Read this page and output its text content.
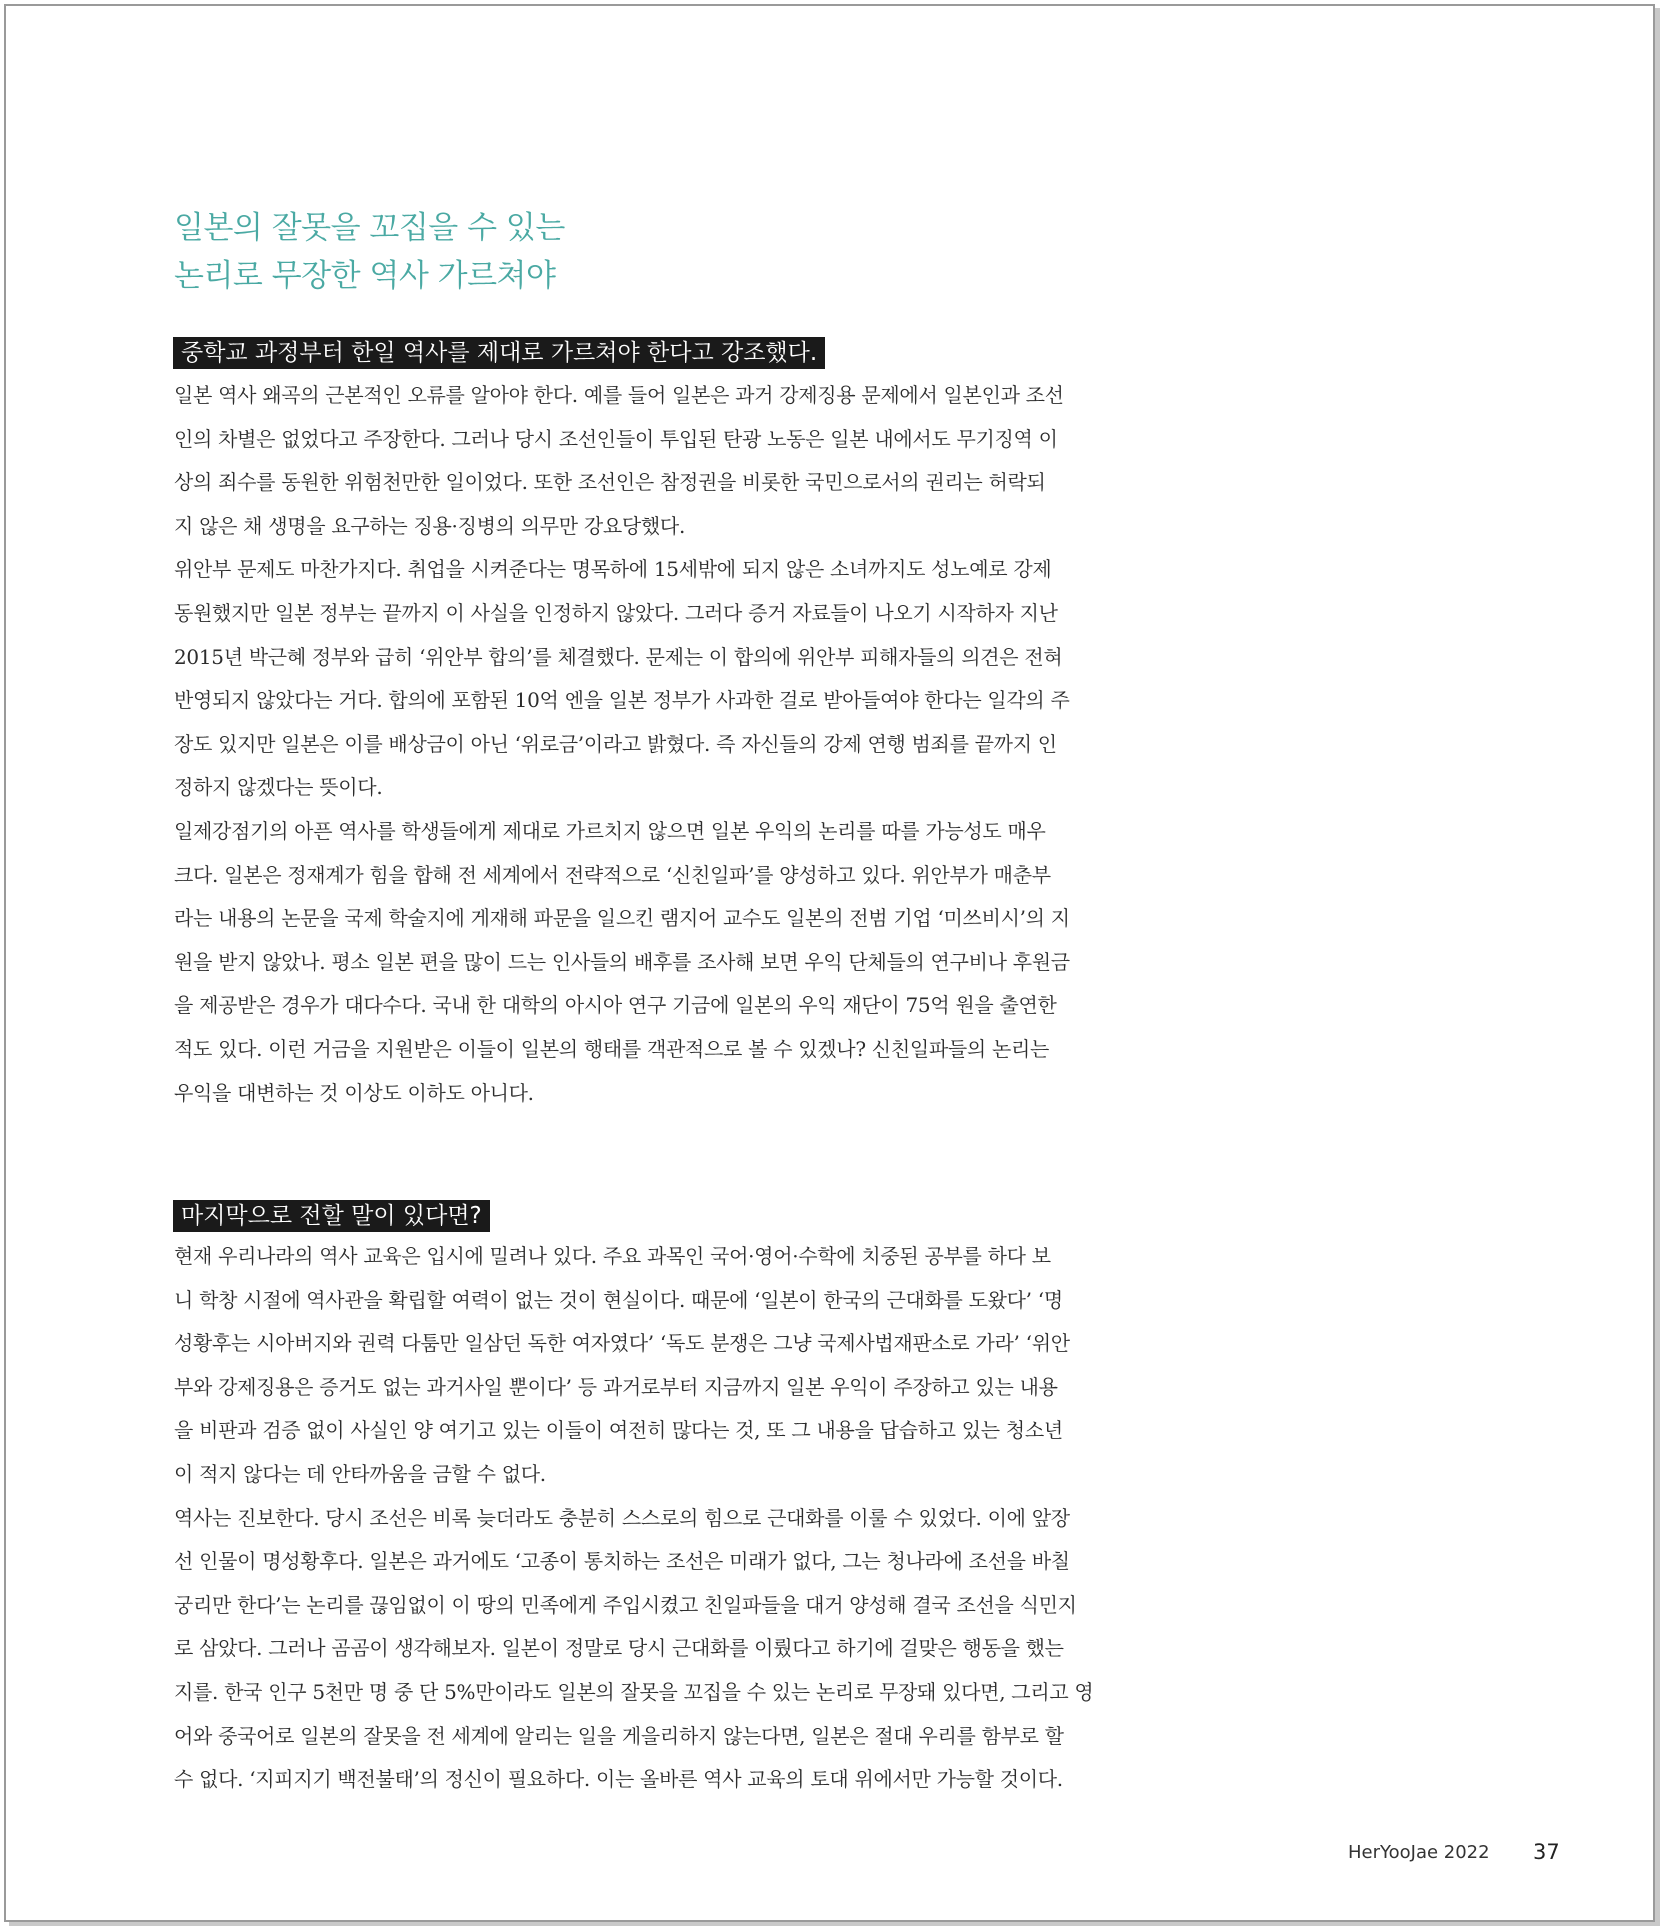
일본의 잘못을 꼬집을 수 있는
논리로 무장한 역사 가르쳐야
중학교 과정부터 한일 역사를 제대로 가르쳐야 한다고 강조했다.
일본 역사 왜곡의 근본적인 오류를 알아야 한다. 예를 들어 일본은 과거 강제징용 문제에서 일본인과 조선
인의 차별은 없었다고 주장한다. 그러나 당시 조선인들이 투입된 탄광 노동은 일본 내에서도 무기징역 이
상의 죄수를 동원한 위험천만한 일이었다. 또한 조선인은 참정권을 비롯한 국민으로서의 권리는 허락되
지 않은 채 생명을 요구하는 징용·징병의 의무만 강요당했다.
위안부 문제도 마찬가지다. 취업을 시켜준다는 명목하에 15세밖에 되지 않은 소녀까지도 성노예로 강제
동원했지만 일본 정부는 끝까지 이 사실을 인정하지 않았다. 그러다 증거 자료들이 나오기 시작하자 지난
2015년 박근혜 정부와 급히 ‘위안부 합의’를 체결했다. 문제는 이 합의에 위안부 피해자들의 의견은 전혀
반영되지 않았다는 거다. 합의에 포함된 10억 엔을 일본 정부가 사과한 걸로 받아들여야 한다는 일각의 주
장도 있지만 일본은 이를 배상금이 아닌 ‘위로금’이라고 밝혔다. 즉 자신들의 강제 연행 범죄를 끝까지 인
정하지 않겠다는 뜻이다.
일제강점기의 아픈 역사를 학생들에게 제대로 가르치지 않으면 일본 우익의 논리를 따를 가능성도 매우
크다. 일본은 정재계가 힘을 합해 전 세계에서 전략적으로 ‘신친일파’를 양성하고 있다. 위안부가 매춘부
라는 내용의 논문을 국제 학술지에 게재해 파문을 일으킨 램지어 교수도 일본의 전범 기업 ‘미쓰비시’의 지
원을 받지 않았나. 평소 일본 편을 많이 드는 인사들의 배후를 조사해 보면 우익 단체들의 연구비나 후원금
을 제공받은 경우가 대다수다. 국내 한 대학의 아시아 연구 기금에 일본의 우익 재단이 75억 원을 출연한
적도 있다. 이런 거금을 지원받은 이들이 일본의 행태를 객관적으로 볼 수 있겠나? 신친일파들의 논리는
우익을 대변하는 것 이상도 이하도 아니다.
마지막으로 전할 말이 있다면?
현재 우리나라의 역사 교육은 입시에 밀려나 있다. 주요 과목인 국어·영어·수학에 치중된 공부를 하다 보
니 학창 시절에 역사관을 확립할 여력이 없는 것이 현실이다. 때문에 ‘일본이 한국의 근대화를 도왔다’ ‘명
성황후는 시아버지와 권력 다툼만 일삼던 독한 여자였다’ ‘독도 분쟁은 그냥 국제사법재판소로 가라’ ‘위안
부와 강제징용은 증거도 없는 과거사일 뿐이다’ 등 과거로부터 지금까지 일본 우익이 주장하고 있는 내용
을 비판과 검증 없이 사실인 양 여기고 있는 이들이 여전히 많다는 것, 또 그 내용을 답습하고 있는 청소년
이 적지 않다는 데 안타까움을 금할 수 없다.
역사는 진보한다. 당시 조선은 비록 늦더라도 충분히 스스로의 힘으로 근대화를 이룰 수 있었다. 이에 앞장
선 인물이 명성황후다. 일본은 과거에도 ‘고종이 통치하는 조선은 미래가 없다, 그는 청나라에 조선을 바칠
궁리만 한다’는 논리를 끊임없이 이 땅의 민족에게 주입시켰고 친일파들을 대거 양성해 결국 조선을 식민지
로 삼았다. 그러나 곰곰이 생각해보자. 일본이 정말로 당시 근대화를 이뤘다고 하기에 걸맞은 행동을 했는
지를. 한국 인구 5천만 명 중 단 5%만이라도 일본의 잘못을 꼬집을 수 있는 논리로 무장돼 있다면, 그리고 영
어와 중국어로 일본의 잘못을 전 세계에 알리는 일을 게을리하지 않는다면, 일본은 절대 우리를 함부로 할
수 없다. ‘지피지기 백전불태’의 정신이 필요하다. 이는 올바른 역사 교육의 토대 위에서만 가능할 것이다.
HerYooJae 2022 37
